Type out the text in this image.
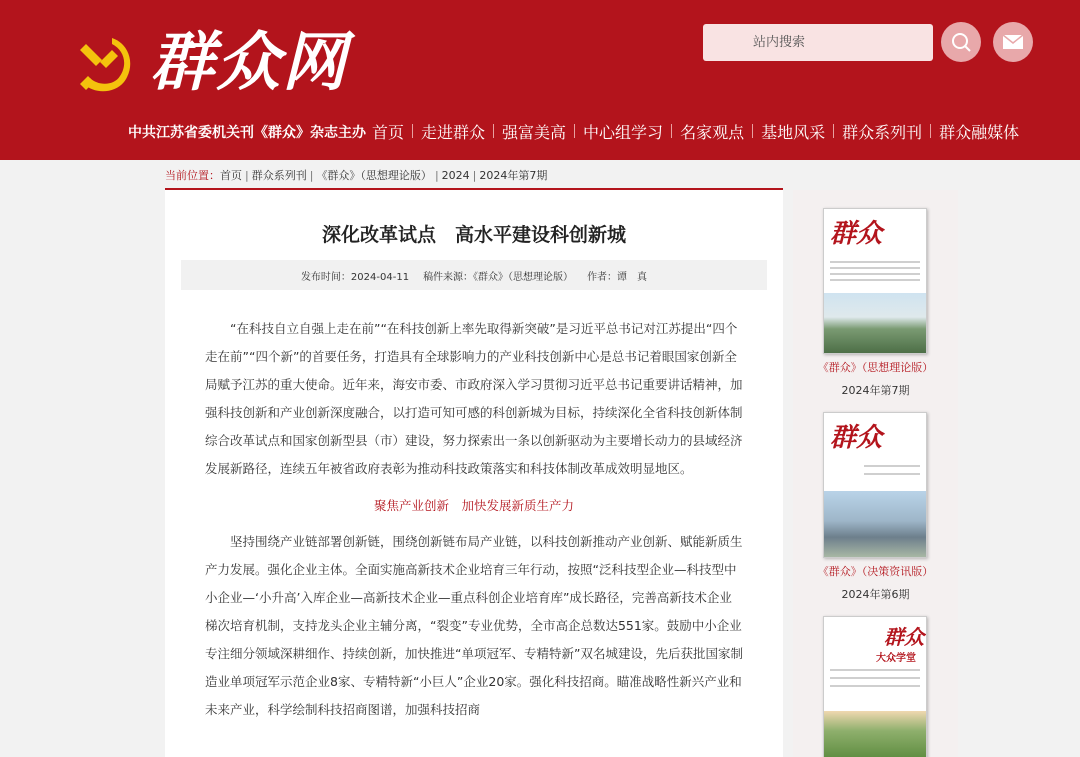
群众网
中共江苏省委机关刊《群众》杂志主办
站内搜索 首页	走进群众	强富美高	中心组学习	名家观点	基地风采	群众系列刊	群众融媒体
当前位置：首页 | 群众系列刊 | 《群众》（思想理论版） | 2024 | 2024年第7期
深化改革试点　高水平建设科创新城
发布时间：2024-04-11 稿件来源：《群众》（思想理论版） 作者：谭　真

“在科技自立自强上走在前”“在科技创新上率先取得新突破”是习近平总书记对江苏提出“四个走在前”“四个新”的首要任务，打造具有全球影响力的产业科技创新中心是总书记着眼国家创新全局赋予江苏的重大使命。近年来，海安市委、市政府深入学习贯彻习近平总书记重要讲话精神，加强科技创新和产业创新深度融合，以打造可知可感的科创新城为目标，持续深化全省科技创新体制综合改革试点和国家创新型县（市）建设，努力探索出一条以创新驱动为主要增长动力的县域经济发展新路径，连续五年被省政府表彰为推动科技政策落实和科技体制改革成效明显地区。

聚焦产业创新　加快发展新质生产力

坚持围绕产业链部署创新链，围绕创新链布局产业链，以科技创新推动产业创新、赋能新质生产力发展。强化企业主体。全面实施高新技术企业培育三年行动，按照“泛科技型企业—科技型中小企业—‘小升高’入库企业—高新技术企业—重点科创企业培育库”成长路径，完善高新技术企业梯次培育机制，支持龙头企业主辅分离，“裂变”专业优势，全市高企总数达551家。鼓励中小企业专注细分领域深耕细作、持续创新，加快推进“单项冠军、专精特新”双名城建设，先后获批国家制造业单项冠军示范企业8家、专精特新“小巨人”企业20家。强化科技招商。瞄准战略性新兴产业和未来产业，科学绘制科技招商图谱，加强科技招商

群众
《群众》（思想理论版）
2024年第7期
群众
《群众》（决策资讯版）
2024年第6期
群众
大众学堂
